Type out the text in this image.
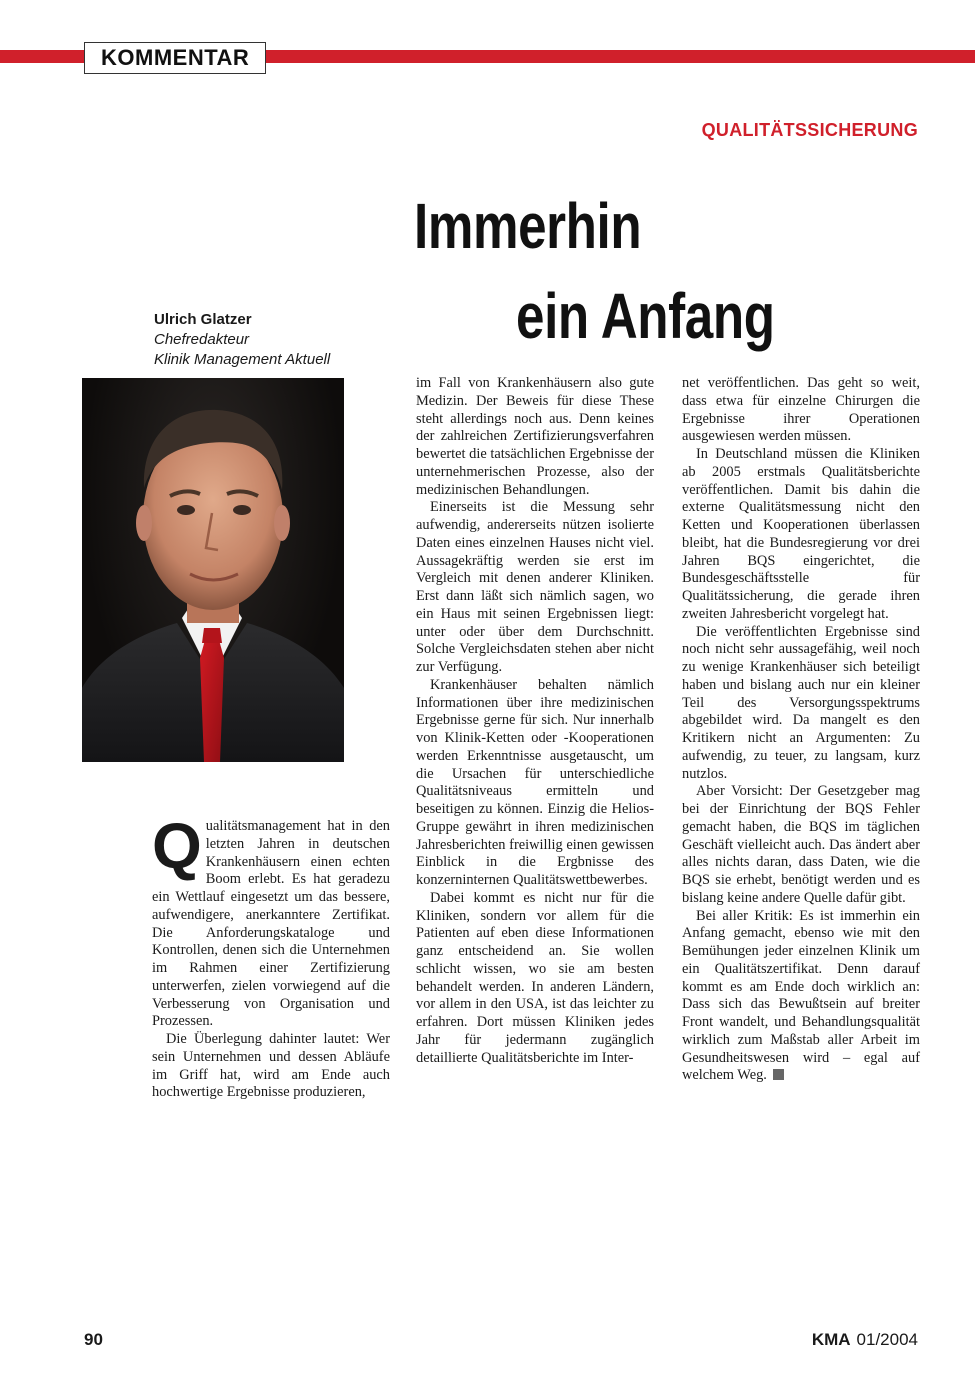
KOMMENTAR
QUALITÄTSSICHERUNG
Immerhin
ein Anfang
Ulrich Glatzer
Chefredakteur
Klinik Management Aktuell

Qualitätsmanagement hat in den letzten Jahren in deutschen Krankenhäusern einen echten Boom erlebt. Es hat geradezu ein Wettlauf eingesetzt um das bessere, aufwendigere, anerkanntere Zertifikat. Die Anforderungskataloge und Kontrollen, denen sich die Unternehmen im Rahmen einer Zertifizierung unterwerfen, zielen vorwiegend auf die Verbesserung von Organisation und Prozessen.

Die Überlegung dahinter lautet: Wer sein Unternehmen und dessen Abläufe im Griff hat, wird am Ende auch hochwertige Ergebnisse produzieren,

im Fall von Krankenhäusern also gute Medizin. Der Beweis für diese These steht allerdings noch aus. Denn keines der zahlreichen Zertifizierungsverfahren bewertet die tatsächlichen Ergebnisse der unternehmerischen Prozesse, also der medizinischen Behandlungen.

Einerseits ist die Messung sehr aufwendig, andererseits nützen isolierte Daten eines einzelnen Hauses nicht viel. Aussagekräftig werden sie erst im Vergleich mit denen anderer Kliniken. Erst dann läßt sich nämlich sagen, wo ein Haus mit seinen Ergebnissen liegt: unter oder über dem Durchschnitt. Solche Vergleichsdaten stehen aber nicht zur Verfügung.

Krankenhäuser behalten nämlich Informationen über ihre medizinischen Ergebnisse gerne für sich. Nur innerhalb von Klinik-Ketten oder -Kooperationen werden Erkenntnisse ausgetauscht, um die Ursachen für unterschiedliche Qualitätsniveaus ermitteln und beseitigen zu können. Einzig die Helios-Gruppe gewährt in ihren medizinischen Jahresberichten freiwillig einen gewissen Einblick in die Ergbnisse des konzerninternen Qualitätswettbewerbes.

Dabei kommt es nicht nur für die Kliniken, sondern vor allem für die Patienten auf eben diese Informationen ganz entscheidend an. Sie wollen schlicht wissen, wo sie am besten behandelt werden. In anderen Ländern, vor allem in den USA, ist das leichter zu erfahren. Dort müssen Kliniken jedes Jahr für jedermann zugänglich detaillierte Qualitätsberichte im Inter-

net veröffentlichen. Das geht so weit, dass etwa für einzelne Chirurgen die Ergebnisse ihrer Operationen ausgewiesen werden müssen.

In Deutschland müssen die Kliniken ab 2005 erstmals Qualitätsberichte veröffentlichen. Damit bis dahin die externe Qualitätsmessung nicht den Ketten und Kooperationen überlassen bleibt, hat die Bundesregierung vor drei Jahren BQS eingerichtet, die Bundesgeschäftsstelle für Qualitätssicherung, die gerade ihren zweiten Jahresbericht vorgelegt hat.

Die veröffentlichten Ergebnisse sind noch nicht sehr aussagefähig, weil noch zu wenige Krankenhäuser sich beteiligt haben und bislang auch nur ein kleiner Teil des Versorgungsspektrums abgebildet wird. Da mangelt es den Kritikern nicht an Argumenten: Zu aufwendig, zu teuer, zu langsam, kurz nutzlos.

Aber Vorsicht: Der Gesetzgeber mag bei der Einrichtung der BQS Fehler gemacht haben, die BQS im täglichen Geschäft vielleicht auch. Das ändert aber alles nichts daran, dass Daten, wie die BQS sie erhebt, benötigt werden und es bislang keine andere Quelle dafür gibt.

Bei aller Kritik: Es ist immerhin ein Anfang gemacht, ebenso wie mit den Bemühungen jeder einzelnen Klinik um ein Qualitätszertifikat. Denn darauf kommt es am Ende doch wirklich an: Dass sich das Bewußtsein auf breiter Front wandelt, und Behandlungsqualität wirklich zum Maßstab aller Arbeit im Gesundheitswesen wird – egal auf welchem Weg.

90	KMA 01/2004
